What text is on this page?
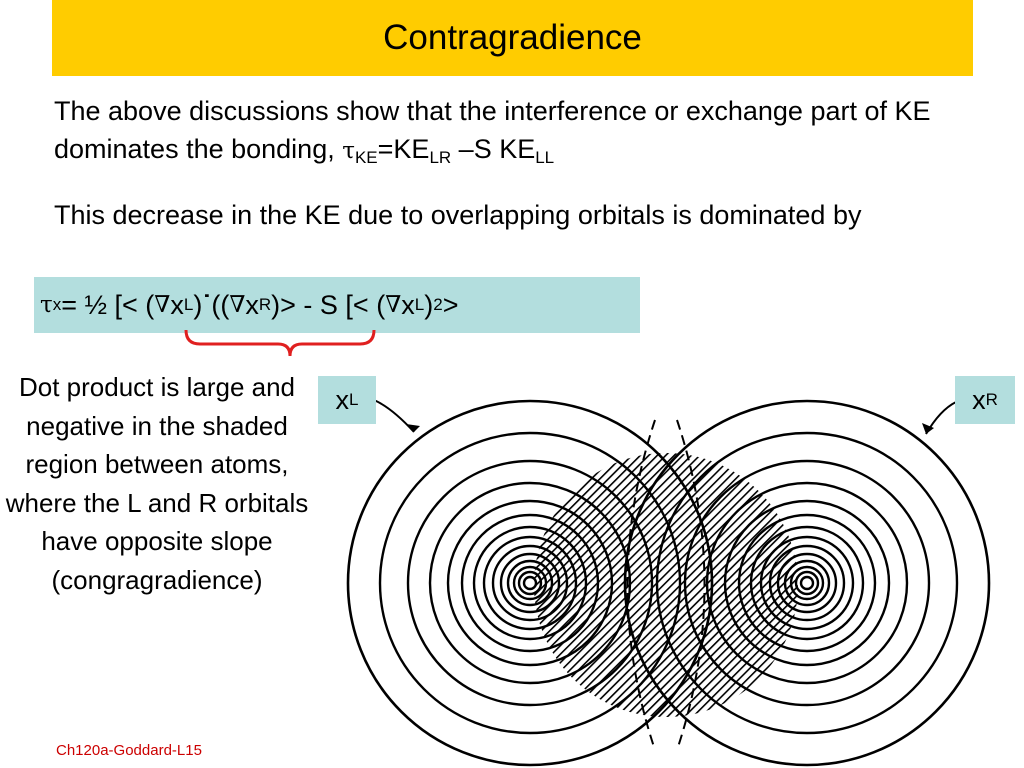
Contragradience

The above discussions show that the interference or exchange part of KE dominates the bonding, $\tau_{KE}=KE_{LR}$ –S $KE_{LL}$

This decrease in the KE due to overlapping orbitals is dominated by

τ x = ½ [< ( ∇ x L ) ˙ (( ∇ x R )> - S [< ( ∇ x L ) 2 >
x L	x R

Dot product is large and negative in the shaded region between atoms, where the L and R orbitals have opposite slope (congragradience)

Ch120a-Goddard-L15
